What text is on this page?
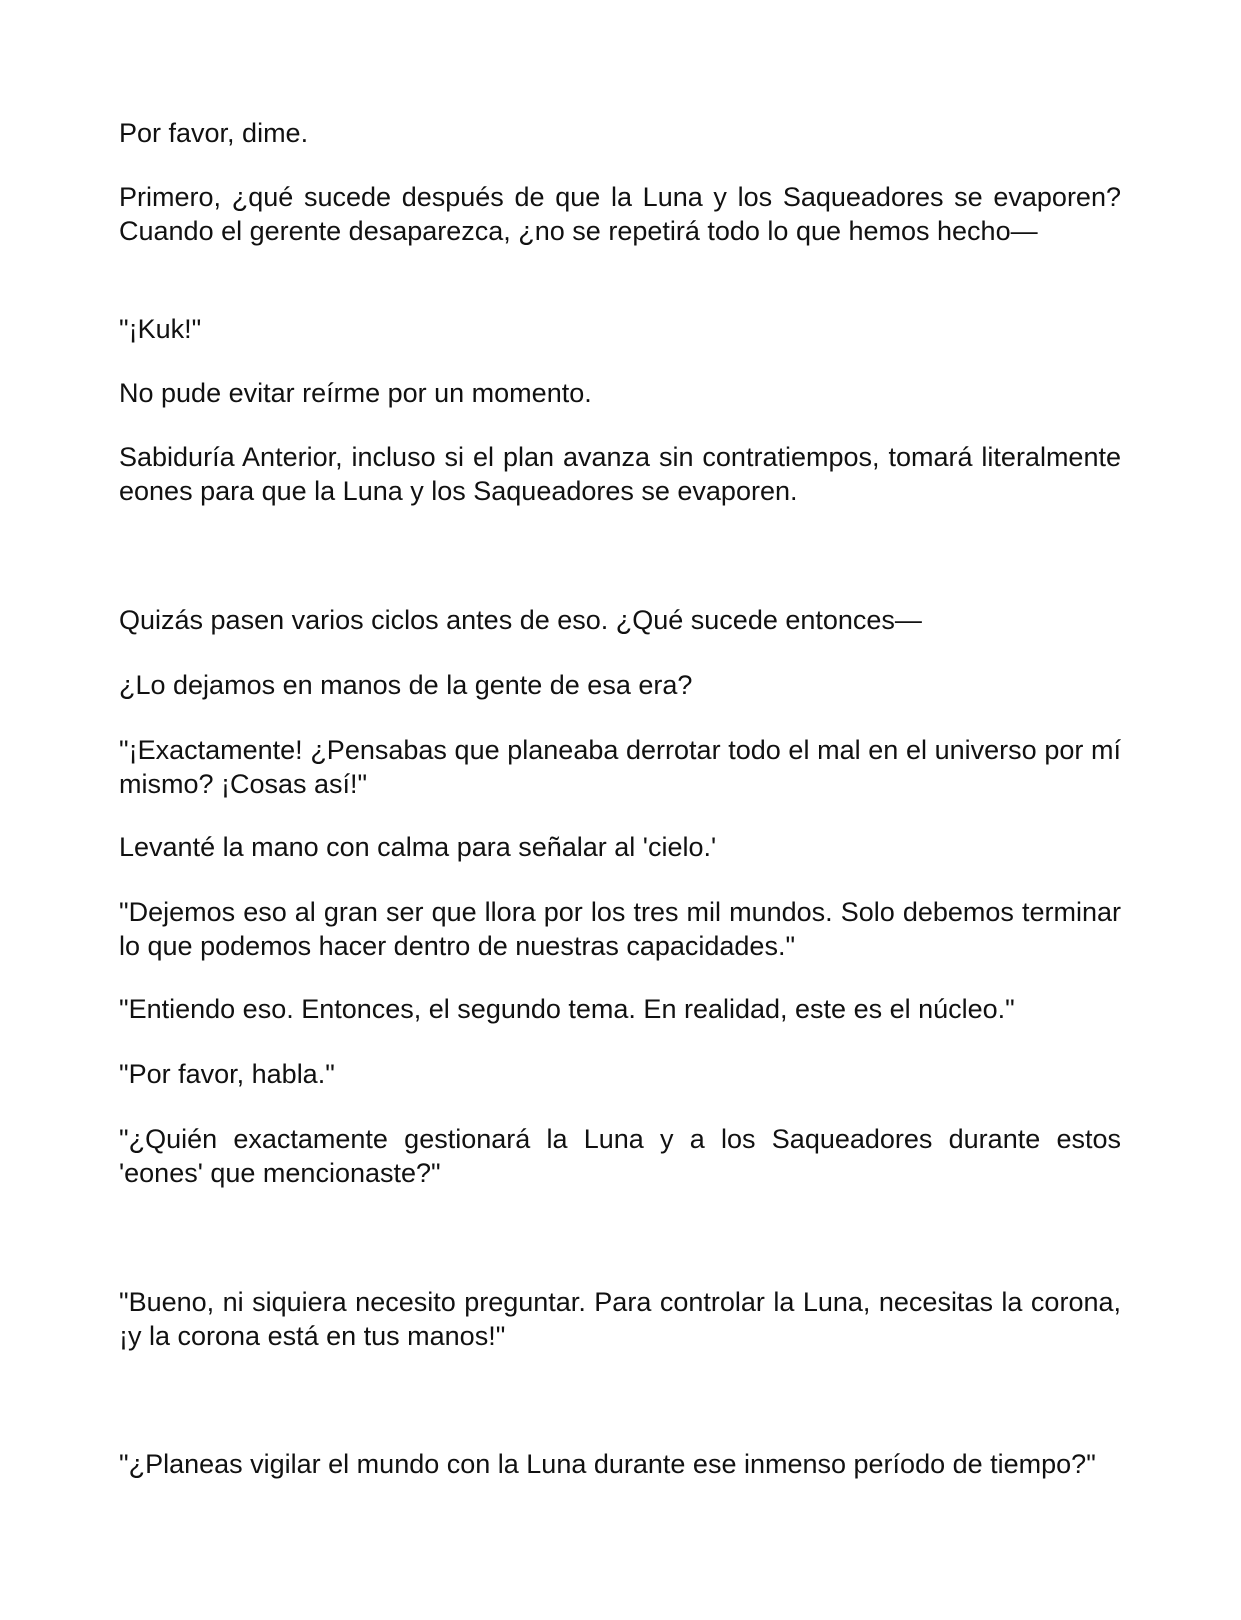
Por favor, dime.

Primero, ¿qué sucede después de que la Luna y los Saqueadores se evaporen? Cuando el gerente desaparezca, ¿no se repetirá todo lo que hemos hecho—

"¡Kuk!"

No pude evitar reírme por un momento.

Sabiduría Anterior, incluso si el plan avanza sin contratiempos, tomará literalmente eones para que la Luna y los Saqueadores se evaporen.

Quizás pasen varios ciclos antes de eso. ¿Qué sucede entonces—

¿Lo dejamos en manos de la gente de esa era?

"¡Exactamente! ¿Pensabas que planeaba derrotar todo el mal en el universo por mí mismo? ¡Cosas así!"

Levanté la mano con calma para señalar al 'cielo.'

"Dejemos eso al gran ser que llora por los tres mil mundos. Solo debemos terminar lo que podemos hacer dentro de nuestras capacidades."

"Entiendo eso. Entonces, el segundo tema. En realidad, este es el núcleo."

"Por favor, habla."

"¿Quién exactamente gestionará la Luna y a los Saqueadores durante estos 'eones' que mencionaste?"

"Bueno, ni siquiera necesito preguntar. Para controlar la Luna, necesitas la corona, ¡y la corona está en tus manos!"

"¿Planeas vigilar el mundo con la Luna durante ese inmenso período de tiempo?"
